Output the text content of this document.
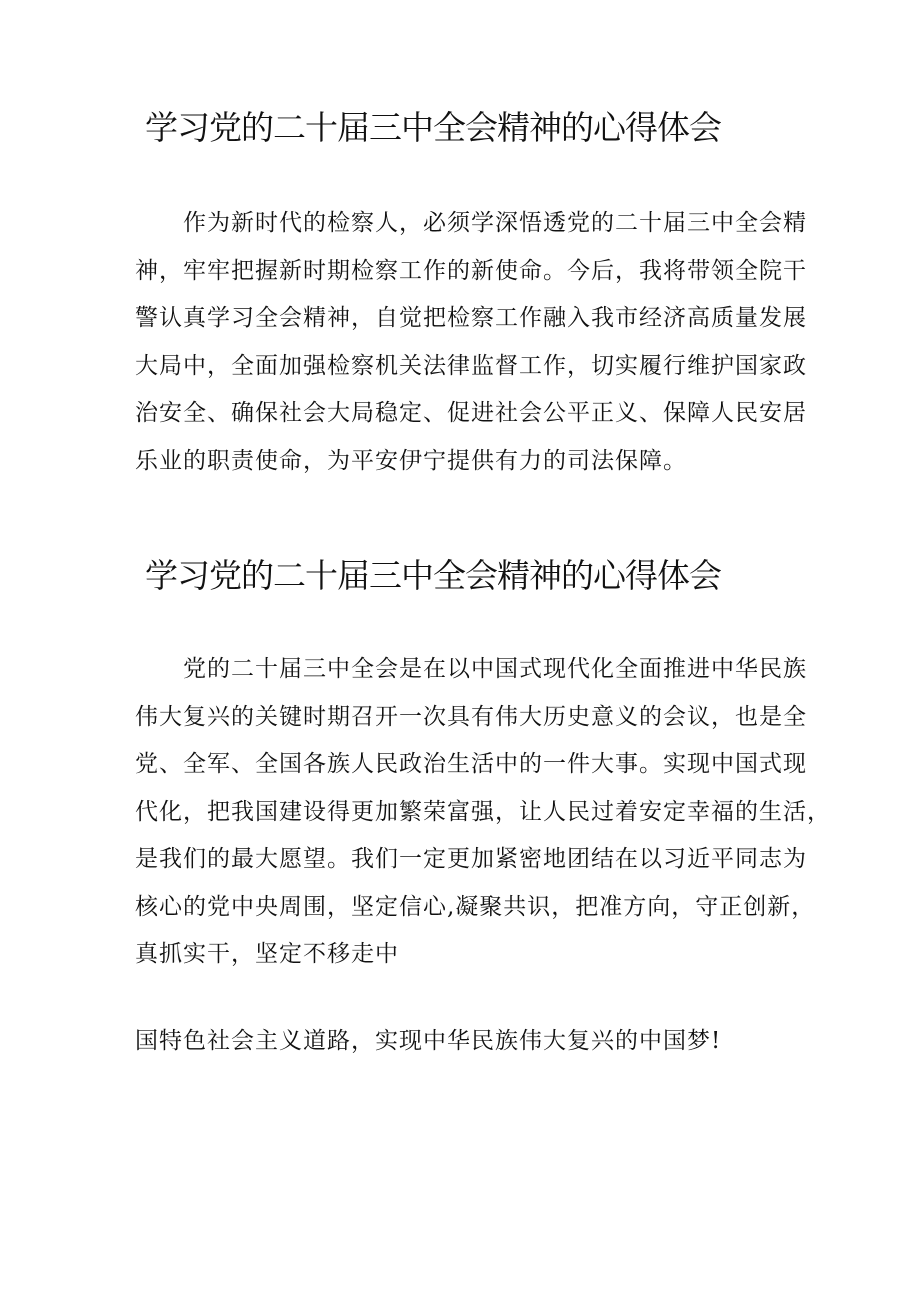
学习党的二十届三中全会精神的心得体会
作为新时代的检察人，必须学深悟透党的二十届三中全会精
神，牢牢把握新时期检察工作的新使命。今后，我将带领全院干
警认真学习全会精神，自觉把检察工作融入我市经济高质量发展
大局中，全面加强检察机关法律监督工作，切实履行维护国家政
治安全、确保社会大局稳定、促进社会公平正义、保障人民安居
乐业的职责使命，为平安伊宁提供有力的司法保障。
学习党的二十届三中全会精神的心得体会
党的二十届三中全会是在以中国式现代化全面推进中华民族
伟大复兴的关键时期召开一次具有伟大历史意义的会议，也是全
党、全军、全国各族人民政治生活中的一件大事。实现中国式现
代化，把我国建设得更加繁荣富强，让人民过着安定幸福的生活，
是我们的最大愿望。我们一定更加紧密地团结在以习近平同志为
核心的党中央周围，坚定信心,凝聚共识，把准方向，守正创新，
真抓实干，坚定不移走中
国特色社会主义道路，实现中华民族伟大复兴的中国梦!
